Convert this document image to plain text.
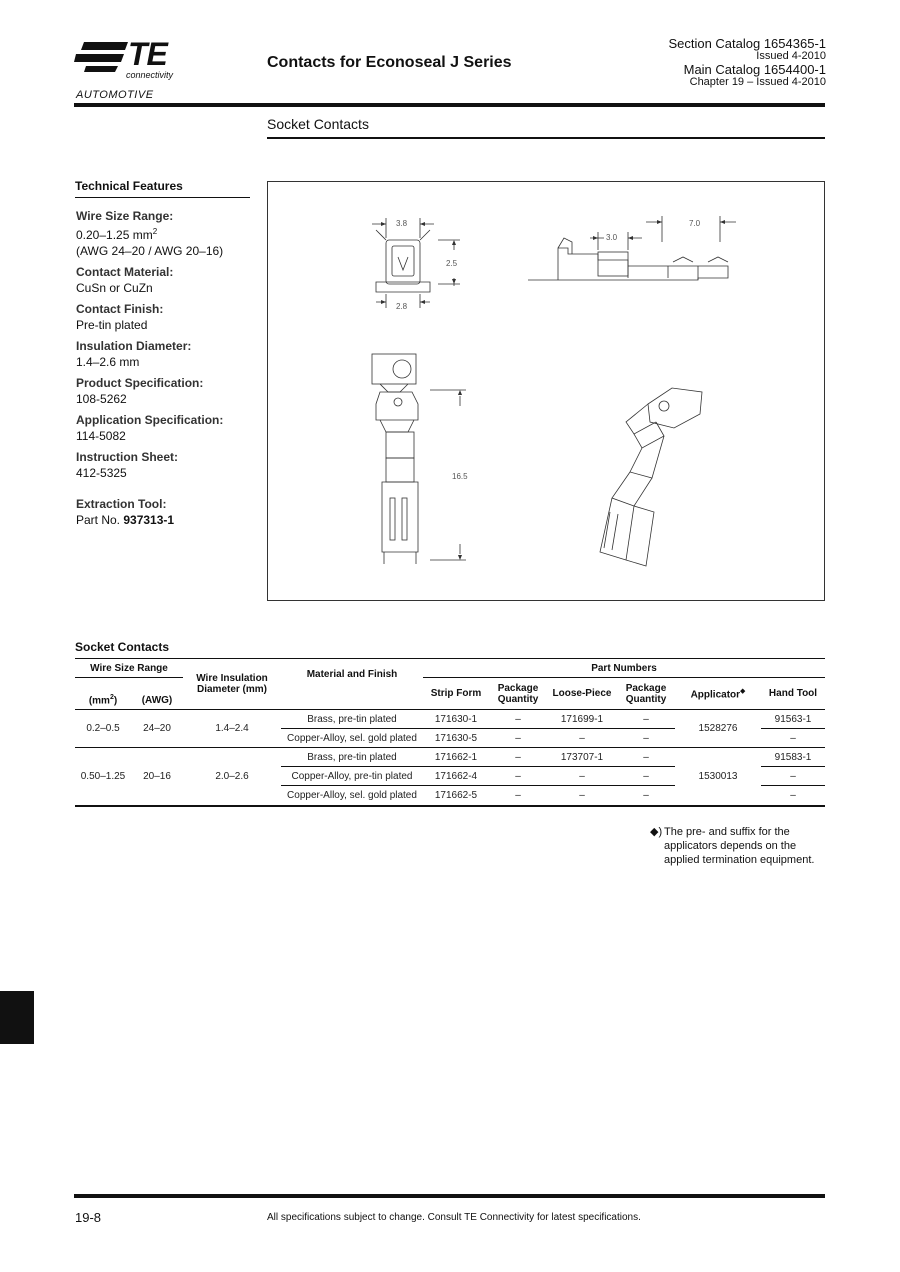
TE
connectivity
AUTOMOTIVE
Contacts for Econoseal J Series
Section Catalog 1654365-1
Issued 4-2010
Main Catalog 1654400-1
Chapter 19 – Issued 4-2010
Socket Contacts
Technical Features
Wire Size Range:
0.20–1.25 $mm^2$
(AWG 24–20 / AWG 20–16)
Contact Material:
CuSn or CuZn
Contact Finish:
Pre-tin plated
Insulation Diameter:
1.4–2.6 mm
Product Specification:
108-5262
Application Specification:
114-5082
Instruction Sheet:
412-5325
Extraction Tool:
Part No. 937313-1
3.8
2.5
2.8
3.0
7.0
16.5
Socket Contacts
Wire Size Range		Wire Insulation Diameter (mm)	Material and Finish	Part Numbers					
$(mm^2)$	(AWG)			Strip Form	Package Quantity	Loose-Piece	Package Quantity	Applicator◆	Hand Tool
0.2–0.5	24–20	1.4–2.4	Brass, pre-tin plated	171630-1	–	171699-1	–	1528276	91563-1
			Copper-Alloy, sel. gold plated	171630-5	–	–	–		–
0.50–1.25	20–16	2.0–2.6	Brass, pre-tin plated	171662-1	–	173707-1	–	1530013	91583-1
			Copper-Alloy, pre-tin plated	171662-4	–	–	–		–
			Copper-Alloy, sel. gold plated	171662-5	–	–	–		–
◆) The pre- and suffix for the applicators depends on the applied termination equipment.
19-8	All specifications subject to change. Consult TE Connectivity for latest specifications.
